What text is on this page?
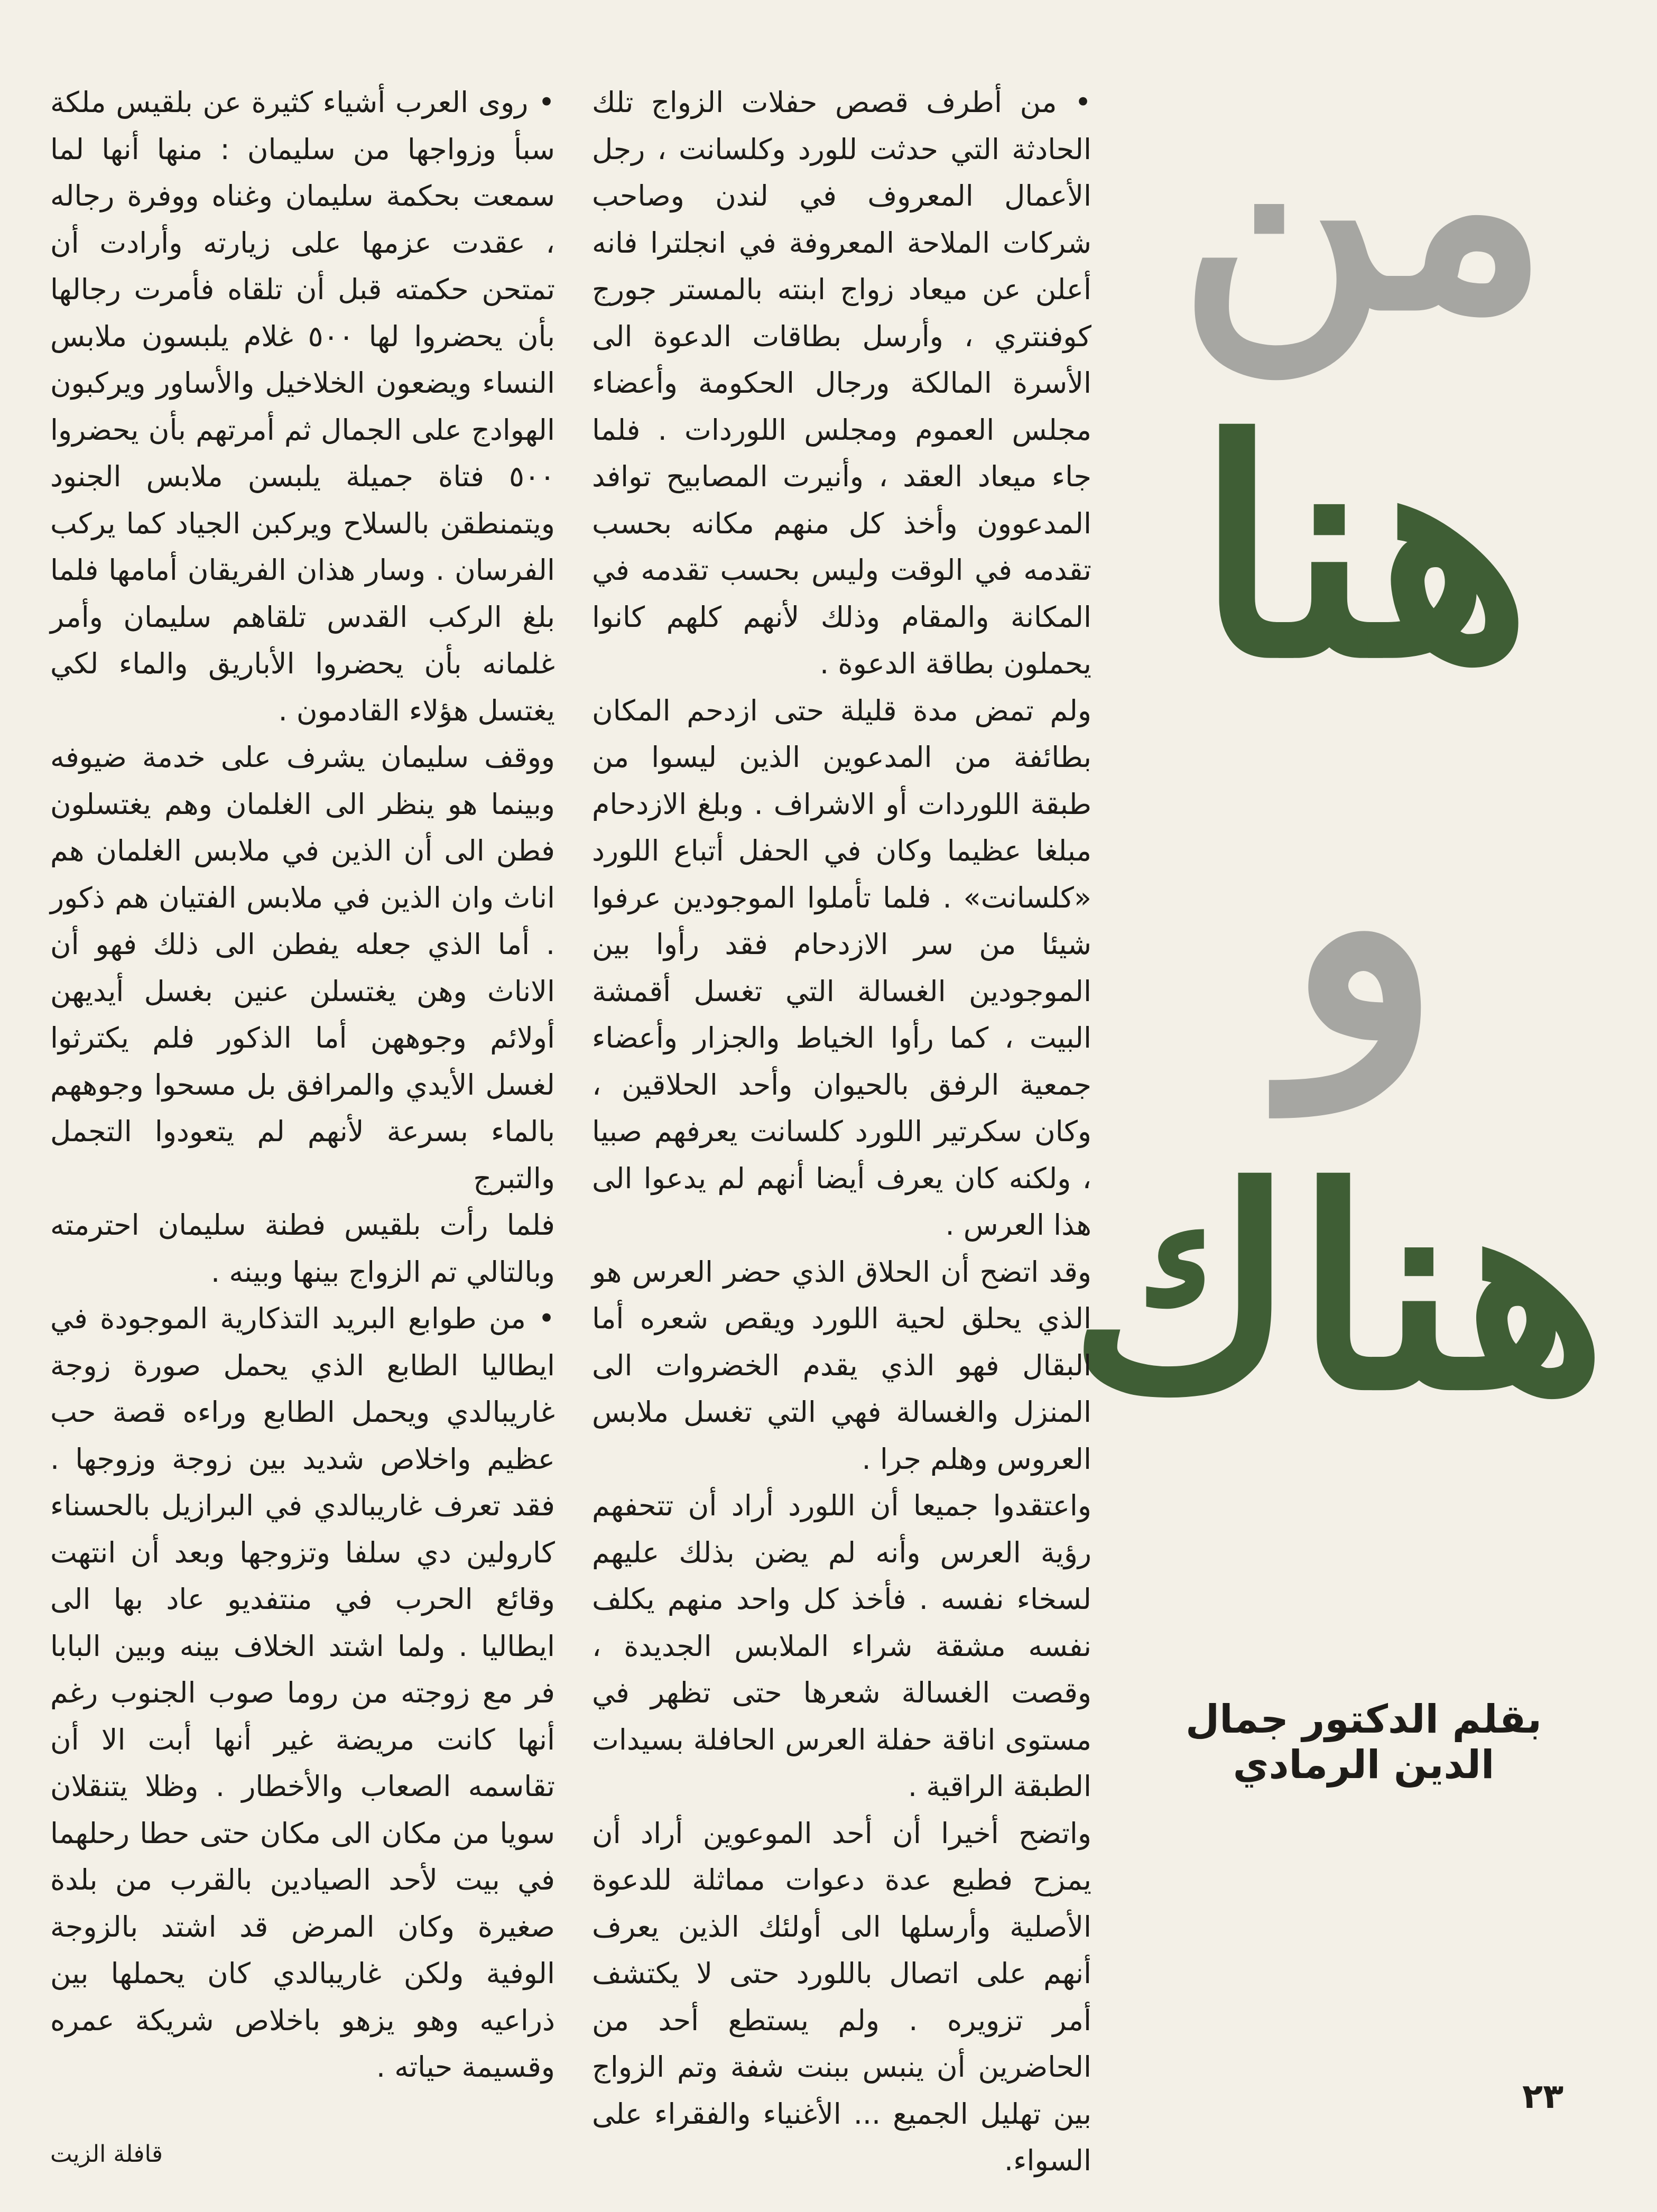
من
هنا
و
هناك
بقلم الدكتور جمال الدين الرمادي

• من أطرف قصص حفلات الزواج تلك الحادثة التي حدثت للورد وكلسانت ، رجل الأعمال المعروف في لندن وصاحب شركات الملاحة المعروفة في انجلترا فانه أعلن عن ميعاد زواج ابنته بالمستر جورج كوفنتري ، وأرسل بطاقات الدعوة الى الأسرة المالكة ورجال الحكومة وأعضاء مجلس العموم ومجلس اللوردات . فلما جاء ميعاد العقد ، وأنيرت المصابيح توافد المدعوون وأخذ كل منهم مكانه بحسب تقدمه في الوقت وليس بحسب تقدمه في المكانة والمقام وذلك لأنهم كلهم كانوا يحملون بطاقة الدعوة .

ولم تمض مدة قليلة حتى ازدحم المكان بطائفة من المدعوين الذين ليسوا من طبقة اللوردات أو الاشراف . وبلغ الازدحام مبلغا عظيما وكان في الحفل أتباع اللورد «كلسانت» . فلما تأملوا الموجودين عرفوا شيئا من سر الازدحام فقد رأوا بين الموجودين الغسالة التي تغسل أقمشة البيت ، كما رأوا الخياط والجزار وأعضاء جمعية الرفق بالحيوان وأحد الحلاقين ، وكان سكرتير اللورد كلسانت يعرفهم صبيا ، ولكنه كان يعرف أيضا أنهم لم يدعوا الى هذا العرس .

وقد اتضح أن الحلاق الذي حضر العرس هو الذي يحلق لحية اللورد ويقص شعره أما البقال فهو الذي يقدم الخضروات الى المنزل والغسالة فهي التي تغسل ملابس العروس وهلم جرا .

واعتقدوا جميعا أن اللورد أراد أن تتحفهم رؤية العرس وأنه لم يضن بذلك عليهم لسخاء نفسه . فأخذ كل واحد منهم يكلف نفسه مشقة شراء الملابس الجديدة ، وقصت الغسالة شعرها حتى تظهر في مستوى اناقة حفلة العرس الحافلة بسيدات الطبقة الراقية .

واتضح أخيرا أن أحد الموعوين أراد أن يمزح فطبع عدة دعوات مماثلة للدعوة الأصلية وأرسلها الى أولئك الذين يعرف أنهم على اتصال باللورد حتى لا يكتشف أمر تزويره . ولم يستطع أحد من الحاضرين أن ينبس ببنت شفة وتم الزواج بين تهليل الجميع ... الأغنياء والفقراء على السواء.

• روى العرب أشياء كثيرة عن بلقيس ملكة سبأ وزواجها من سليمان : منها أنها لما سمعت بحكمة سليمان وغناه ووفرة رجاله ، عقدت عزمها على زيارته وأرادت أن تمتحن حكمته قبل أن تلقاه فأمرت رجالها بأن يحضروا لها ٥٠٠ غلام يلبسون ملابس النساء ويضعون الخلاخيل والأساور ويركبون الهوادج على الجمال ثم أمرتهم بأن يحضروا ٥٠٠ فتاة جميلة يلبسن ملابس الجنود ويتمنطقن بالسلاح ويركبن الجياد كما يركب الفرسان . وسار هذان الفريقان أمامها فلما بلغ الركب القدس تلقاهم سليمان وأمر غلمانه بأن يحضروا الأباريق والماء لكي يغتسل هؤلاء القادمون .

ووقف سليمان يشرف على خدمة ضيوفه وبينما هو ينظر الى الغلمان وهم يغتسلون فطن الى أن الذين في ملابس الغلمان هم اناث وان الذين في ملابس الفتيان هم ذكور . أما الذي جعله يفطن الى ذلك فهو أن الاناث وهن يغتسلن عنين بغسل أيديهن أولائم وجوههن أما الذكور فلم يكترثوا لغسل الأيدي والمرافق بل مسحوا وجوههم بالماء بسرعة لأنهم لم يتعودوا التجمل والتبرج

فلما رأت بلقيس فطنة سليمان احترمته وبالتالي تم الزواج بينها وبينه .

• من طوابع البريد التذكارية الموجودة في ايطاليا الطابع الذي يحمل صورة زوجة غاريبالدي ويحمل الطابع وراءه قصة حب عظيم واخلاص شديد بين زوجة وزوجها . فقد تعرف غاريبالدي في البرازيل بالحسناء كارولين دي سلفا وتزوجها وبعد أن انتهت وقائع الحرب في منتفديو عاد بها الى ايطاليا . ولما اشتد الخلاف بينه وبين البابا فر مع زوجته من روما صوب الجنوب رغم أنها كانت مريضة غير أنها أبت الا أن تقاسمه الصعاب والأخطار . وظلا يتنقلان سويا من مكان الى مكان حتى حطا رحلهما في بيت لأحد الصيادين بالقرب من بلدة صغيرة وكان المرض قد اشتد بالزوجة الوفية ولكن غاريبالدي كان يحملها بين ذراعيه وهو يزهو باخلاص شريكة عمره وقسيمة حياته .

٢٣
قافلة الزيت
